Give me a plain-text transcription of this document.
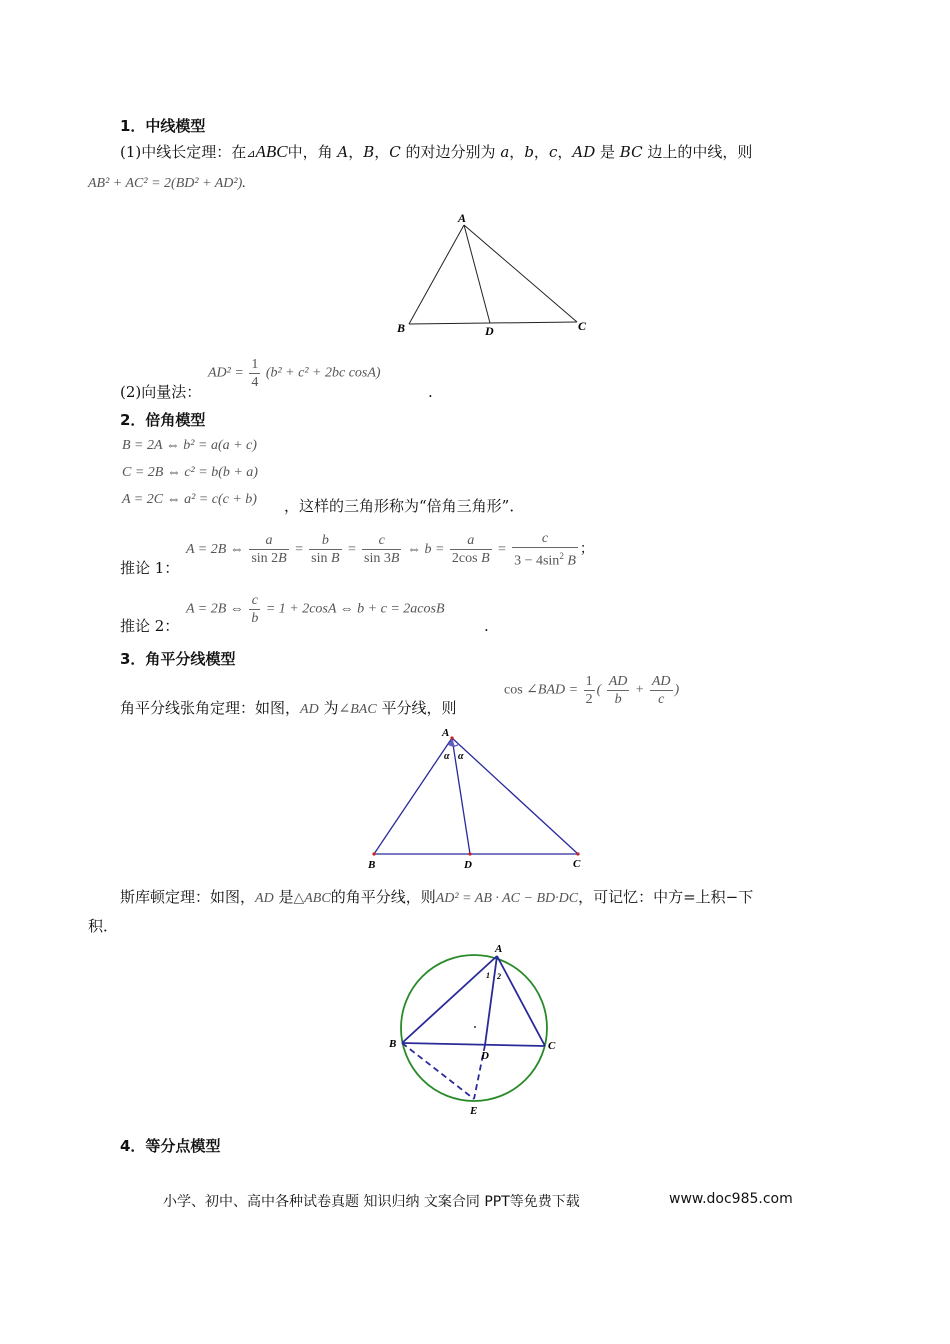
1．中线模型
(1)中线长定理：在⊿ABC中，角 A，B，C 的对边分别为 a，b，c，AD 是 BC 边上的中线，则
AB² + AC² = 2(BD² + AD²).
A
B	D	C
$AD^2 = \frac{1}{4} (b^2 + c^2 + 2bc$ cosA)
(2)向量法：	.
2．倍角模型
B = 2A ⇔ b² = a(a + c)
C = 2B ⇔ c² = b(b + a)
A = 2C ⇔ a² = c(c + b) ，这样的三角形称为“倍角三角形”．
A = 2B ⇔ $\frac{a}{\sin 2B} = \frac{b}{\text{sin B}} = \frac{c}{\sin 3B}$ ⇔ $b = \frac{a}{\text{2cos B}} = \frac{c}{3 - 4\sin^2 B}$ ；
推论 1：
A = 2B ⇔ $\frac{c}{b} = 1 + 2\cos A$ ⇔ b + c = 2acosB
推论 2：	.
3．角平分线模型
cos ∠BAD = $\frac{1}{2}$ ( $\frac{AD}{b} + \frac{AD}{c}$ )
角平分线张角定理：如图，AD 为∠BAC 平分线，则
A
α α
B	D	C
斯库顿定理：如图，AD 是△ABC的角平分线，则AD² = AB · AC − BD·DC，可记忆：中方=上积−下
积．
A
1 2
B
D
C
E
4．等分点模型
小学、初中、高中各种试卷真题 知识归纳 文案合同 PPT等免费下载	www.doc985.com
